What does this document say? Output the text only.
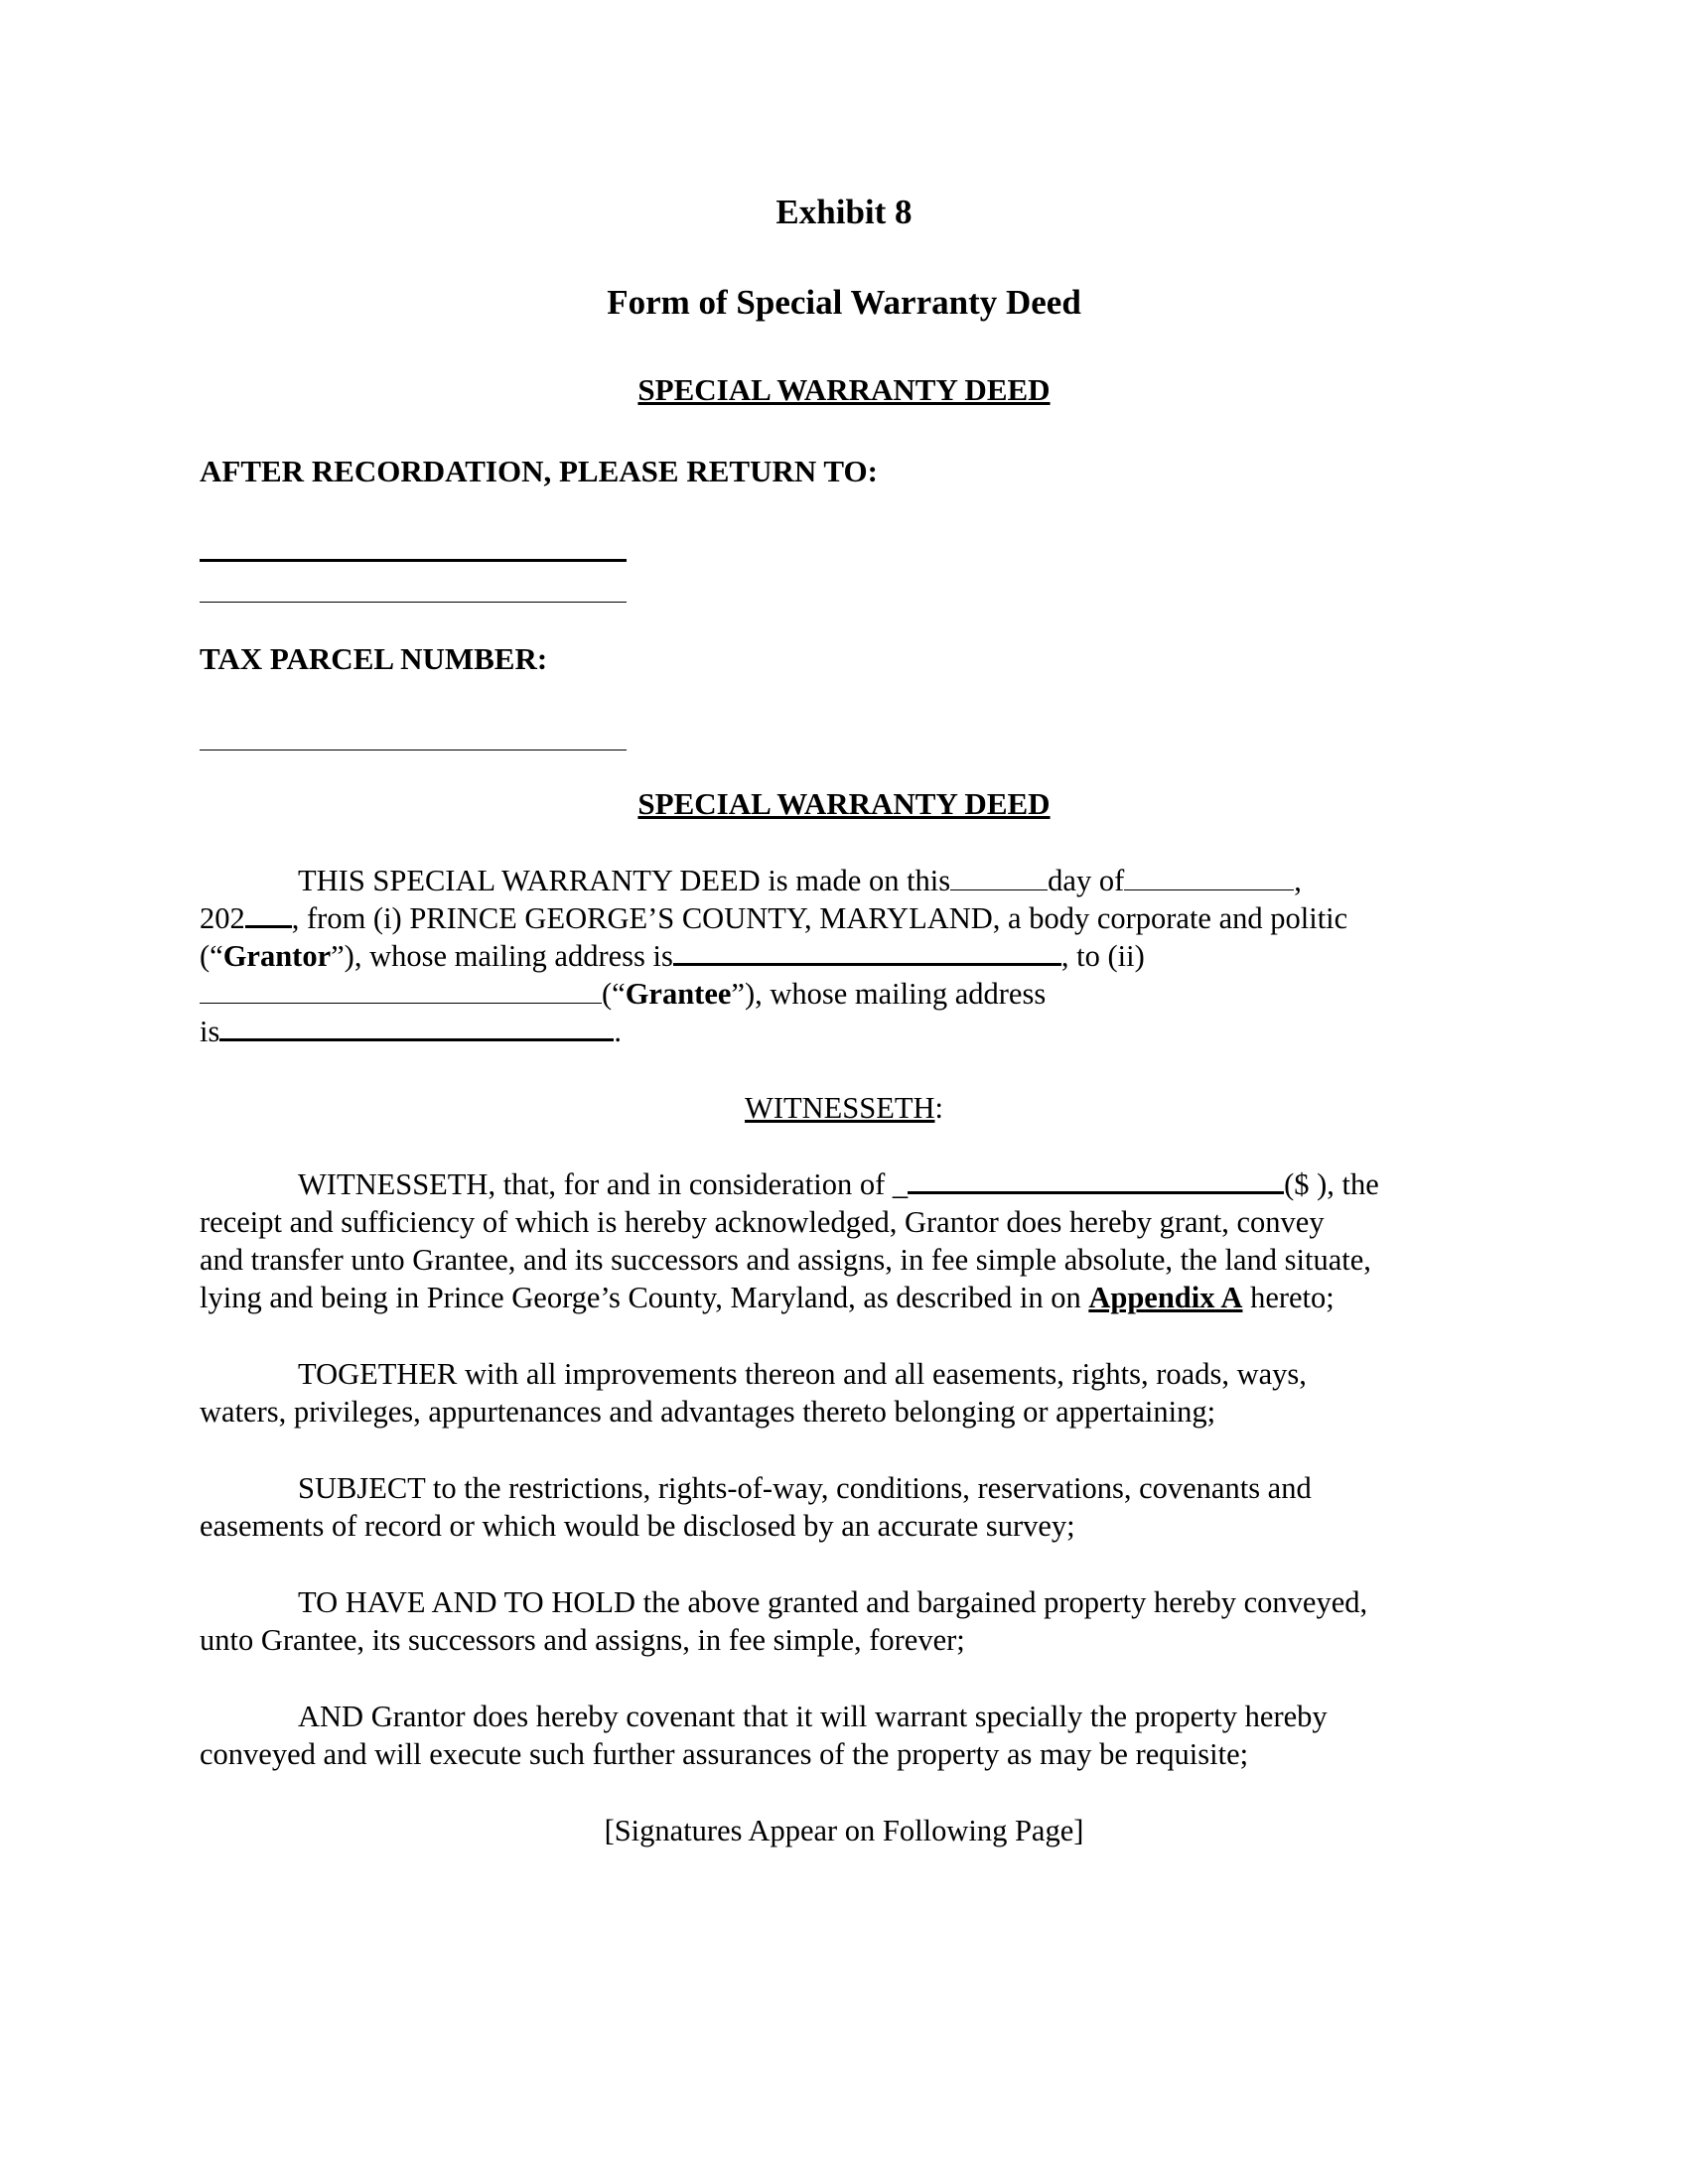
Exhibit 8
Form of Special Warranty Deed
SPECIAL WARRANTY DEED
AFTER RECORDATION, PLEASE RETURN TO:
TAX PARCEL NUMBER:
SPECIAL WARRANTY DEED
THIS SPECIAL WARRANTY DEED is made on this	day of	,
202 , from (i) PRINCE GEORGE’S COUNTY, MARYLAND, a body corporate and politic
(“Grantor”), whose mailing address is	, to (ii)
(“Grantee”), whose mailing address
is	.
WITNESSETH:
WITNESSETH, that, for and in consideration of _	($ ), the
receipt and sufficiency of which is hereby acknowledged, Grantor does hereby grant, convey
and transfer unto Grantee, and its successors and assigns, in fee simple absolute, the land situate,
lying and being in Prince George’s County, Maryland, as described in on Appendix A hereto;
TOGETHER with all improvements thereon and all easements, rights, roads, ways,
waters, privileges, appurtenances and advantages thereto belonging or appertaining;
SUBJECT to the restrictions, rights-of-way, conditions, reservations, covenants and
easements of record or which would be disclosed by an accurate survey;
TO HAVE AND TO HOLD the above granted and bargained property hereby conveyed,
unto Grantee, its successors and assigns, in fee simple, forever;
AND Grantor does hereby covenant that it will warrant specially the property hereby
conveyed and will execute such further assurances of the property as may be requisite;
[Signatures Appear on Following Page]
